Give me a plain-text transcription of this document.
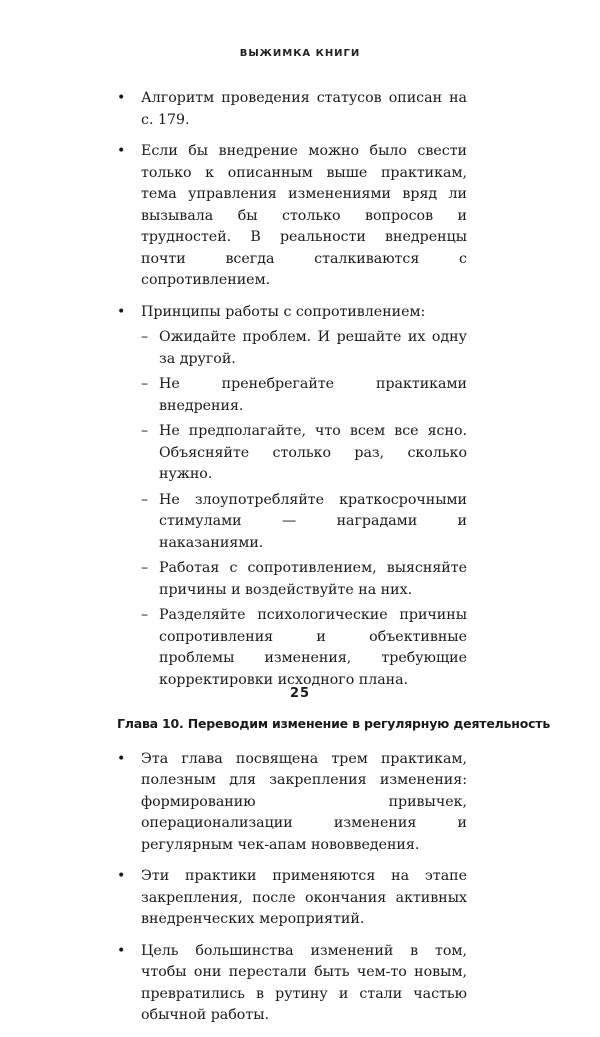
ВЫЖИМКА КНИГИ
• Алгоритм проведения статусов описан на с. 179.
• Если бы внедрение можно было свести только к описанным выше практикам, тема управления изменениями вряд ли вызывала бы столько вопросов и трудностей. В реальности внедренцы почти всегда сталкиваются с сопротивлением.
• Принципы работы с сопротивлением:
– Ожидайте проблем. И решайте их одну за другой.
– Не пренебрегайте практиками внедрения.
– Не предполагайте, что всем все ясно. Объясняйте столько раз, сколько нужно.
– Не злоупотребляйте краткосрочными стимулами — наградами и наказаниями.
– Работая с сопротивлением, выясняйте причины и воздействуйте на них.
– Разделяйте психологические причины сопротивления и объективные проблемы изменения, требующие корректировки исходного плана.
Глава 10. Переводим изменение в регулярную деятельность
• Эта глава посвящена трем практикам, полезным для закрепления изменения: формированию привычек, операционализации изменения и регулярным чек-апам нововведения.
• Эти практики применяются на этапе закрепления, после окончания активных внедренческих мероприятий.
• Цель большинства изменений в том, чтобы они перестали быть чем-то новым, превратились в рутину и стали частью обычной работы.
25
